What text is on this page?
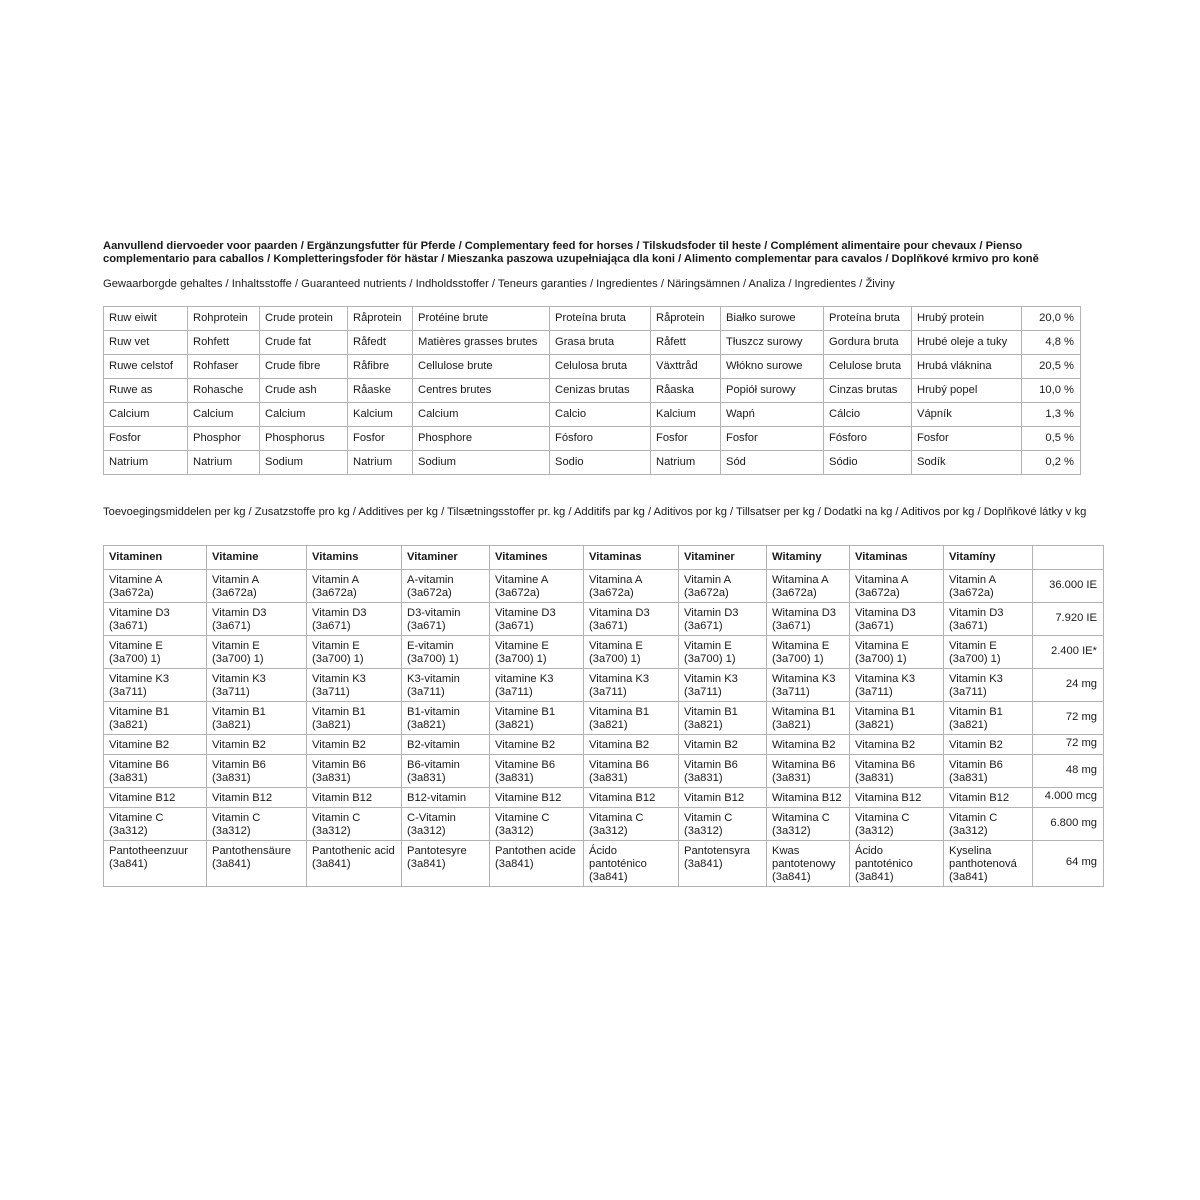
Aanvullend diervoeder voor paarden / Ergänzungsfutter für Pferde / Complementary feed for horses / Tilskudsfoder til heste / Complément alimentaire pour chevaux / Pienso complementario para caballos / Kompletteringsfoder för hästar / Mieszanka paszowa uzupełniająca dla koni / Alimento complementar para cavalos / Doplňkové krmivo pro koně

Gewaarborgde gehaltes / Inhaltsstoffe / Guaranteed nutrients / Indholdsstoffer / Teneurs garanties / Ingredientes / Näringsämnen / Analiza / Ingredientes / Živiny

Ruw eiwit	Rohprotein	Crude protein	Råprotein	Protéine brute	Proteína bruta	Råprotein	Białko surowe	Proteína bruta	Hrubý protein	20,0 %
Ruw vet	Rohfett	Crude fat	Råfedt	Matières grasses brutes	Grasa bruta	Råfett	Tłuszcz surowy	Gordura bruta	Hrubé oleje a tuky	4,8 %
Ruwe celstof	Rohfaser	Crude fibre	Råfibre	Cellulose brute	Celulosa bruta	Växttråd	Włókno surowe	Celulose bruta	Hrubá vláknina	20,5 %
Ruwe as	Rohasche	Crude ash	Råaske	Centres brutes	Cenizas brutas	Råaska	Popiół surowy	Cinzas brutas	Hrubý popel	10,0 %
Calcium	Calcium	Calcium	Kalcium	Calcium	Calcio	Kalcium	Wapń	Cálcio	Vápník	1,3 %
Fosfor	Phosphor	Phosphorus	Fosfor	Phosphore	Fósforo	Fosfor	Fosfor	Fósforo	Fosfor	0,5 %
Natrium	Natrium	Sodium	Natrium	Sodium	Sodio	Natrium	Sód	Sódio	Sodík	0,2 %

Toevoegingsmiddelen per kg / Zusatzstoffe pro kg / Additives per kg / Tilsætningsstoffer pr. kg / Additifs par kg / Aditivos por kg / Tillsatser per kg / Dodatki na kg / Aditivos por kg / Doplňkové látky v kg

Vitaminen	Vitamine	Vitamins	Vitaminer	Vitamines	Vitaminas	Vitaminer	Witaminy	Vitaminas	Vitamíny	
Vitamine A (3a672a)	Vitamin A (3a672a)	Vitamin A (3a672a)	A-vitamin (3a672a)	Vitamine A (3a672a)	Vitamina A (3a672a)	Vitamin A (3a672a)	Witamina A (3a672a)	Vitamina A (3a672a)	Vitamin A (3a672a)	36.000 IE
Vitamine D3 (3a671)	Vitamin D3 (3a671)	Vitamin D3 (3a671)	D3-vitamin (3a671)	Vitamine D3 (3a671)	Vitamina D3 (3a671)	Vitamin D3 (3a671)	Witamina D3 (3a671)	Vitamina D3 (3a671)	Vitamin D3 (3a671)	7.920 IE
Vitamine E (3a700) 1)	Vitamin E (3a700) 1)	Vitamin E (3a700) 1)	E-vitamin (3a700) 1)	Vitamine E (3a700) 1)	Vitamina E (3a700) 1)	Vitamin E (3a700) 1)	Witamina E (3a700) 1)	Vitamina E (3a700) 1)	Vitamin E (3a700) 1)	2.400 IE*
Vitamine K3 (3a711)	Vitamin K3 (3a711)	Vitamin K3 (3a711)	K3-vitamin (3a711)	vitamine K3 (3a711)	Vitamina K3 (3a711)	Vitamin K3 (3a711)	Witamina K3 (3a711)	Vitamina K3 (3a711)	Vitamin K3 (3a711)	24 mg
Vitamine B1 (3a821)	Vitamin B1 (3a821)	Vitamin B1 (3a821)	B1-vitamin (3a821)	Vitamine B1 (3a821)	Vitamina B1 (3a821)	Vitamin B1 (3a821)	Witamina B1 (3a821)	Vitamina B1 (3a821)	Vitamin B1 (3a821)	72 mg
Vitamine B2	Vitamin B2	Vitamin B2	B2-vitamin	Vitamine B2	Vitamina B2	Vitamin B2	Witamina B2	Vitamina B2	Vitamin B2	72 mg
Vitamine B6 (3a831)	Vitamin B6 (3a831)	Vitamin B6 (3a831)	B6-vitamin (3a831)	Vitamine B6 (3a831)	Vitamina B6 (3a831)	Vitamin B6 (3a831)	Witamina B6 (3a831)	Vitamina B6 (3a831)	Vitamin B6 (3a831)	48 mg
Vitamine B12	Vitamin B12	Vitamin B12	B12-vitamin	Vitamine B12	Vitamina B12	Vitamin B12	Witamina B12	Vitamina B12	Vitamin B12	4.000 mcg
Vitamine C (3a312)	Vitamin C (3a312)	Vitamin C (3a312)	C-Vitamin (3a312)	Vitamine C (3a312)	Vitamina C (3a312)	Vitamin C (3a312)	Witamina C (3a312)	Vitamina C (3a312)	Vitamin C (3a312)	6.800 mg
Pantotheenzuur (3a841)	Pantothensäure (3a841)	Pantothenic acid (3a841)	Pantotesyre (3a841)	Pantothen acide (3a841)	Ácido pantoténico (3a841)	Pantotensyra (3a841)	Kwas pantotenowy (3a841)	Ácido pantoténico (3a841)	Kyselina panthotenová (3a841)	64 mg
